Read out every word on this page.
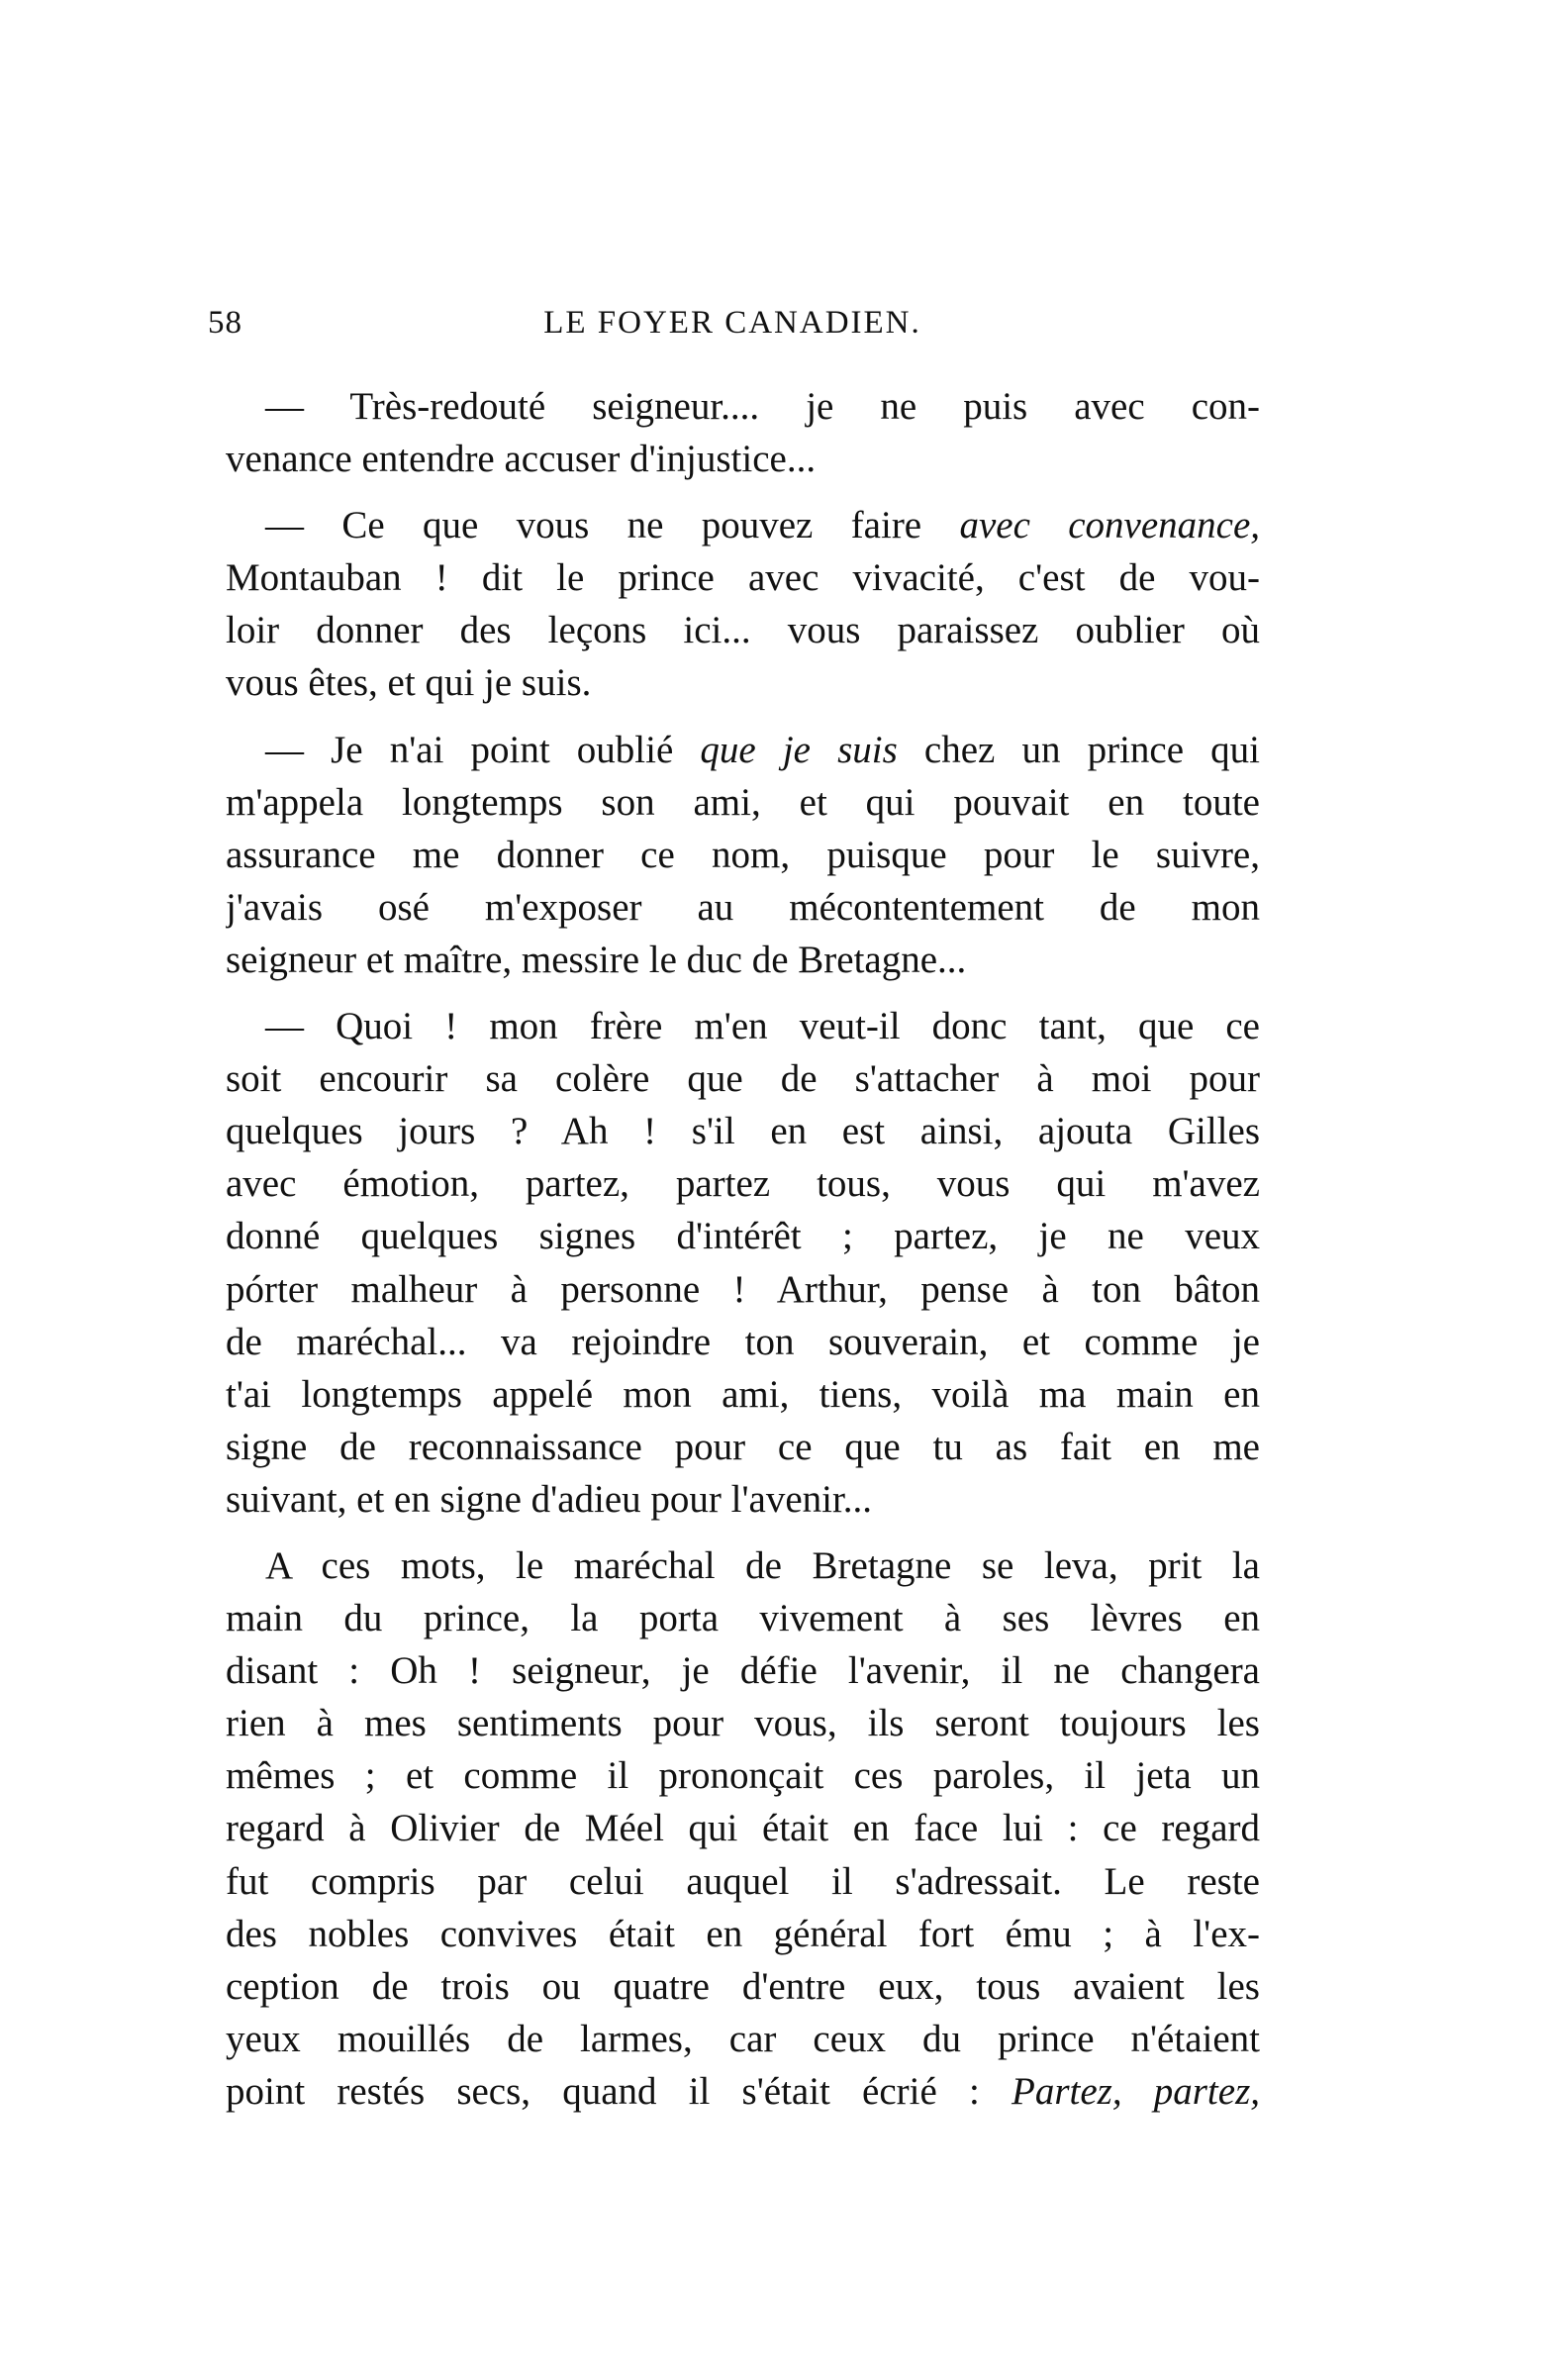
58	LE FOYER CANADIEN.
— Très-redouté seigneur.... je ne puis avec con-
venance entendre accuser d'injustice...
— Ce que vous ne pouvez faire avec convenance,
Montauban ! dit le prince avec vivacité, c'est de vou-
loir donner des leçons ici... vous paraissez oublier où
vous êtes, et qui je suis.
— Je n'ai point oublié que je suis chez un prince qui
m'appela longtemps son ami, et qui pouvait en toute
assurance me donner ce nom, puisque pour le suivre,
j'avais osé m'exposer au mécontentement de mon
seigneur et maître, messire le duc de Bretagne...
— Quoi ! mon frère m'en veut-il donc tant, que ce
soit encourir sa colère que de s'attacher à moi pour
quelques jours ? Ah ! s'il en est ainsi, ajouta Gilles
avec émotion, partez, partez tous, vous qui m'avez
donné quelques signes d'intérêt ; partez, je ne veux
pórter malheur à personne ! Arthur, pense à ton bâton
de maréchal... va rejoindre ton souverain, et comme je
t'ai longtemps appelé mon ami, tiens, voilà ma main en
signe de reconnaissance pour ce que tu as fait en me
suivant, et en signe d'adieu pour l'avenir...
A ces mots, le maréchal de Bretagne se leva, prit la
main du prince, la porta vivement à ses lèvres en
disant : Oh ! seigneur, je défie l'avenir, il ne changera
rien à mes sentiments pour vous, ils seront toujours les
mêmes ; et comme il prononçait ces paroles, il jeta un
regard à Olivier de Méel qui était en face lui : ce regard
fut compris par celui auquel il s'adressait. Le reste
des nobles convives était en général fort ému ; à l'ex-
ception de trois ou quatre d'entre eux, tous avaient les
yeux mouillés de larmes, car ceux du prince n'étaient
point restés secs, quand il s'était écrié : Partez, partez,
